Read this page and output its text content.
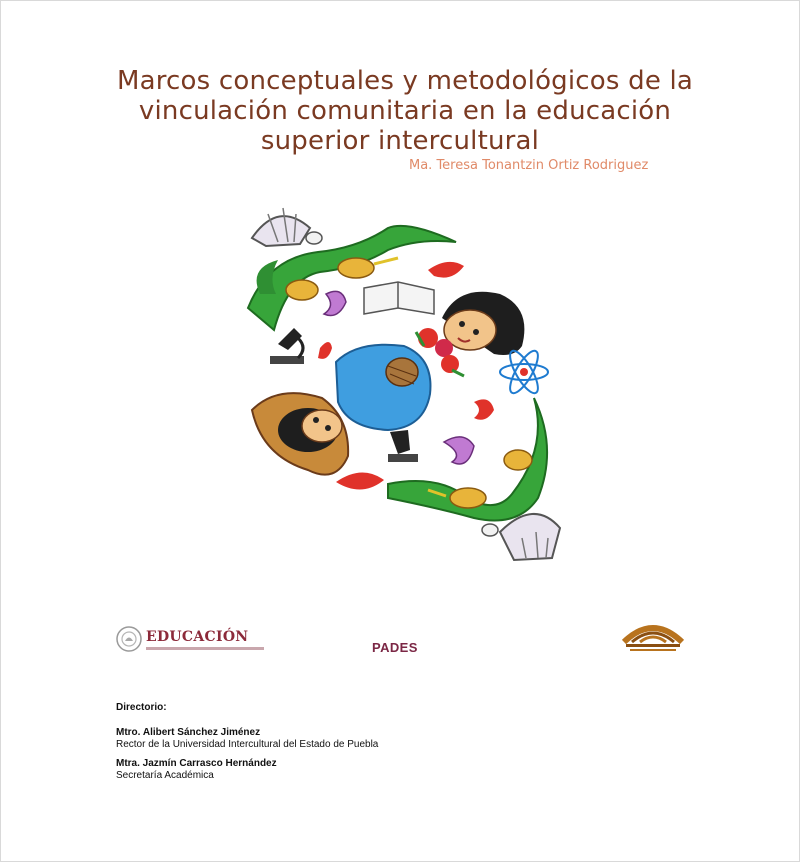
Marcos conceptuales y metodológicos de la
vinculación comunitaria en la educación
superior intercultural
Ma. Teresa Tonantzin Ortiz Rodriguez
EDUCACIÓN
PADES
Directorio:
Mtro. Alibert Sánchez Jiménez
Rector de la Universidad Intercultural del Estado de Puebla
Mtra. Jazmín Carrasco Hernández
Secretaría Académica
